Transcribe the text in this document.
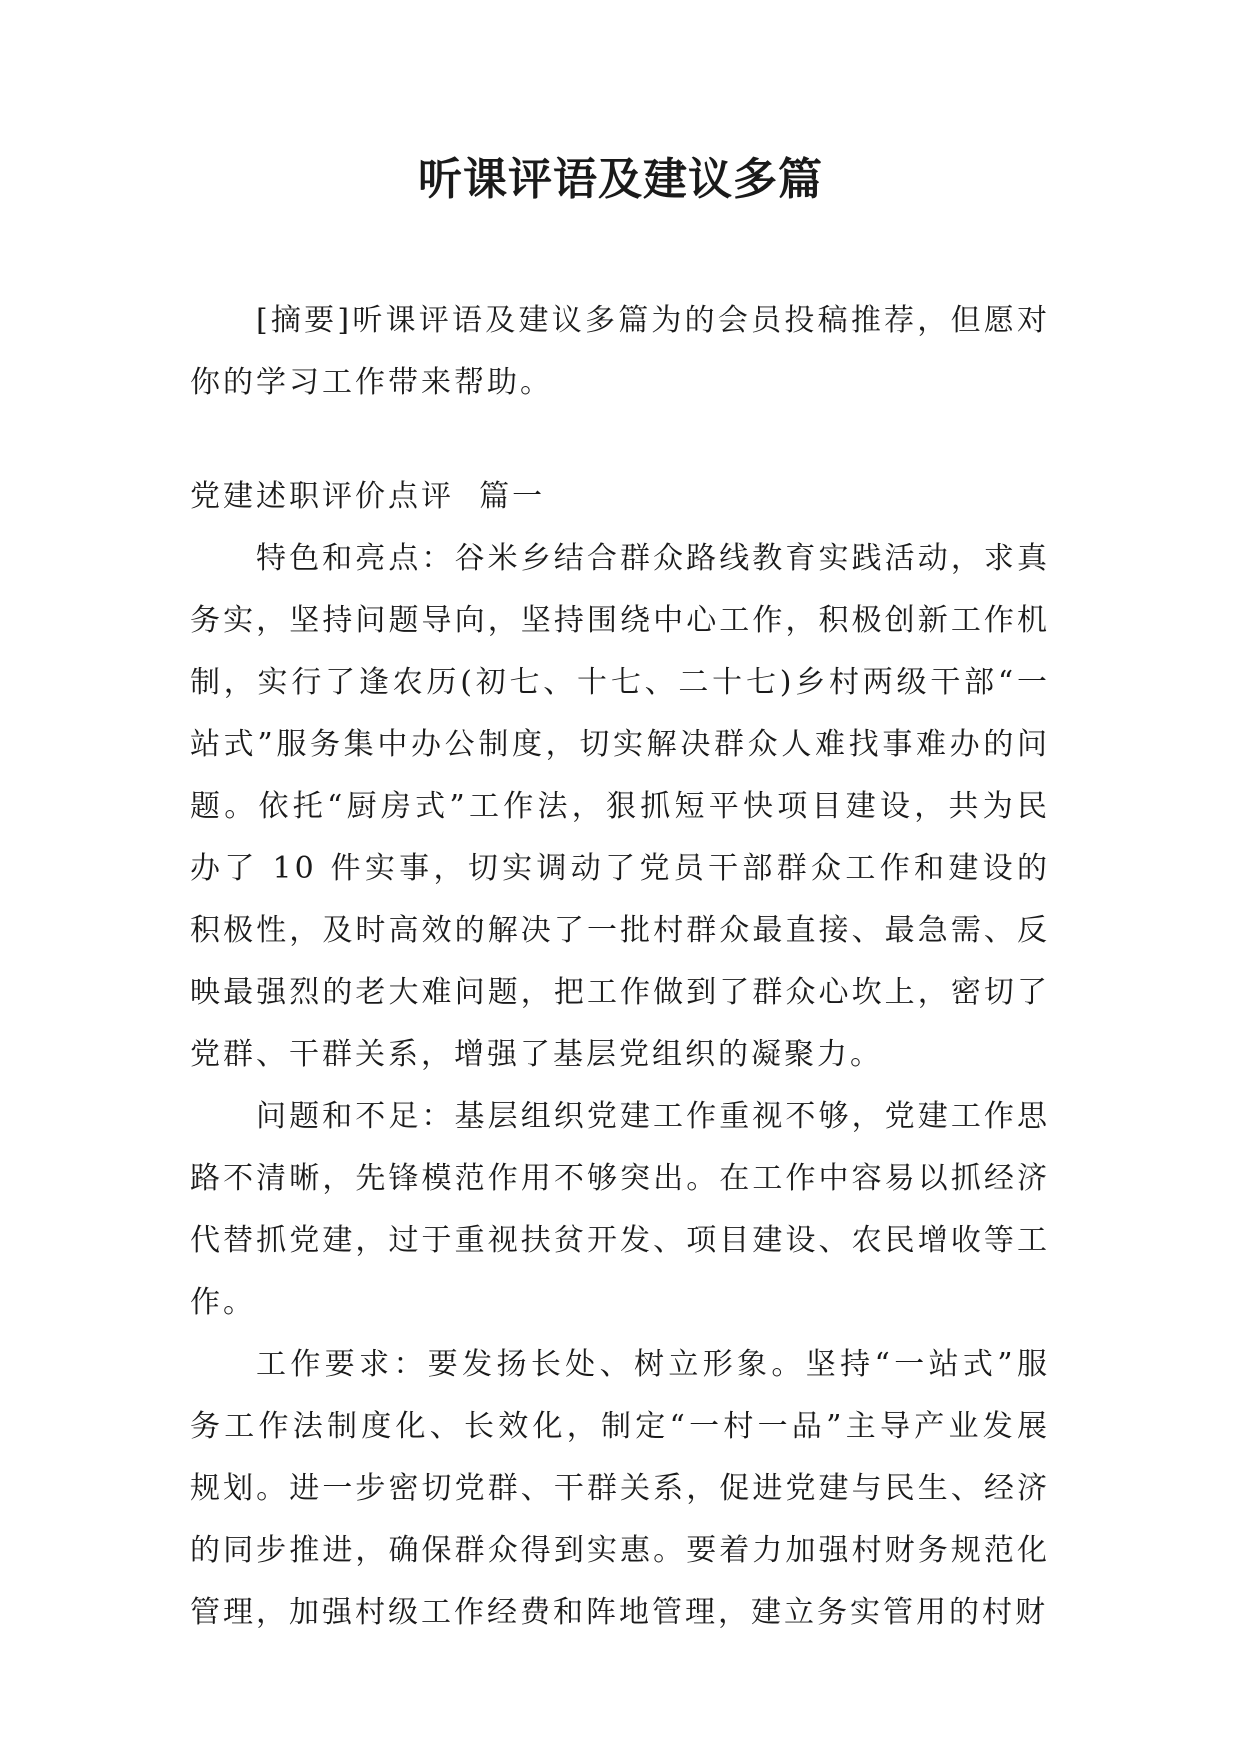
听课评语及建议多篇

[摘要]听课评语及建议多篇为的会员投稿推荐，但愿对你的学习工作带来帮助。

党建述职评价点评  篇一

特色和亮点：谷米乡结合群众路线教育实践活动，求真务实，坚持问题导向，坚持围绕中心工作，积极创新工作机制，实行了逢农历(初七、十七、二十七)乡村两级干部“一站式”服务集中办公制度，切实解决群众人难找事难办的问题。依托“厨房式”工作法，狠抓短平快项目建设，共为民办了 10 件实事，切实调动了党员干部群众工作和建设的积极性，及时高效的解决了一批村群众最直接、最急需、反映最强烈的老大难问题，把工作做到了群众心坎上，密切了党群、干群关系，增强了基层党组织的凝聚力。

问题和不足：基层组织党建工作重视不够，党建工作思路不清晰，先锋模范作用不够突出。在工作中容易以抓经济代替抓党建，过于重视扶贫开发、项目建设、农民增收等工作。

工作要求：要发扬长处、树立形象。坚持“一站式”服务工作法制度化、长效化，制定“一村一品”主导产业发展规划。进一步密切党群、干群关系，促进党建与民生、经济的同步推进，确保群众得到实惠。要着力加强村财务规范化管理，加强村级工作经费和阵地管理，建立务实管用的村财
